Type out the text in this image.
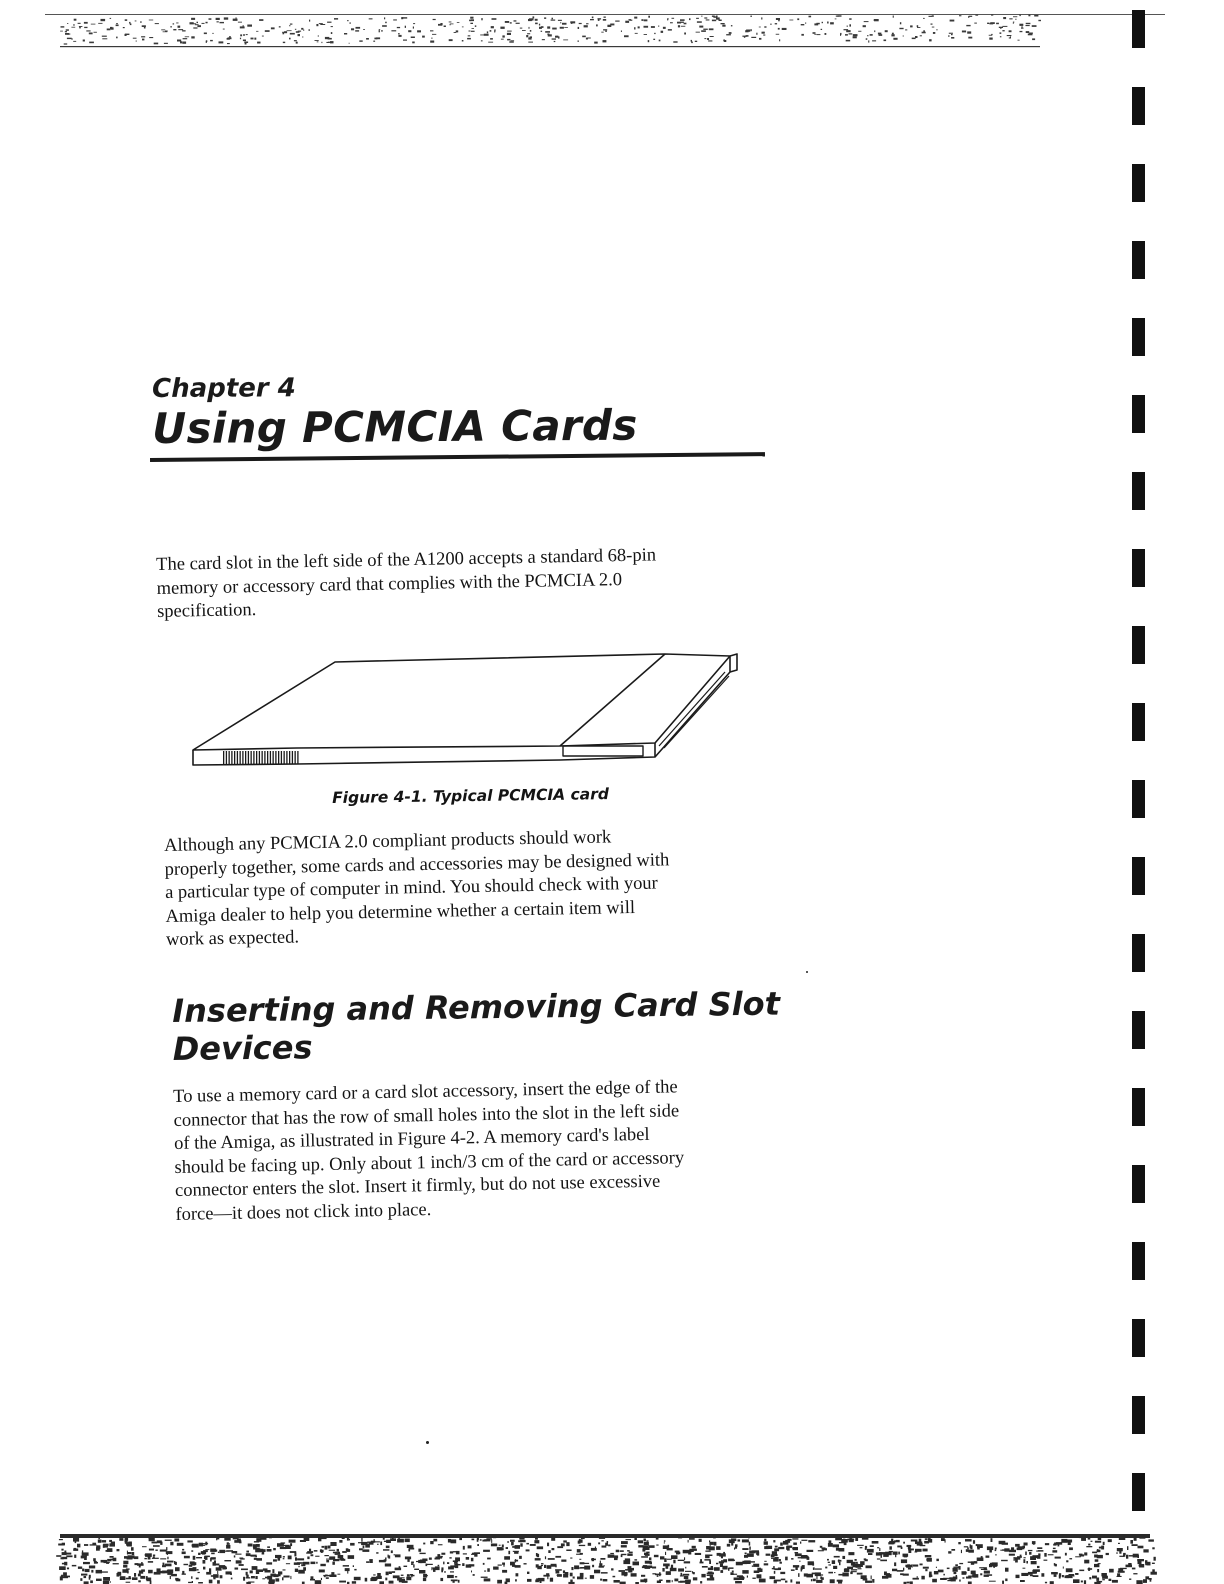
Chapter 4
Using PCMCIA Cards
The card slot in the left side of the A1200 accepts a standard 68-pin
memory or accessory card that complies with the PCMCIA 2.0
specification.
Figure 4-1. Typical PCMCIA card
Although any PCMCIA 2.0 compliant products should work
properly together, some cards and accessories may be designed with
a particular type of computer in mind. You should check with your
Amiga dealer to help you determine whether a certain item will
work as expected.
Inserting and Removing Card Slot
Devices
To use a memory card or a card slot accessory, insert the edge of the
connector that has the row of small holes into the slot in the left side
of the Amiga, as illustrated in Figure 4-2. A memory card's label
should be facing up. Only about 1 inch/3 cm of the card or accessory
connector enters the slot. Insert it firmly, but do not use excessive
force—it does not click into place.
